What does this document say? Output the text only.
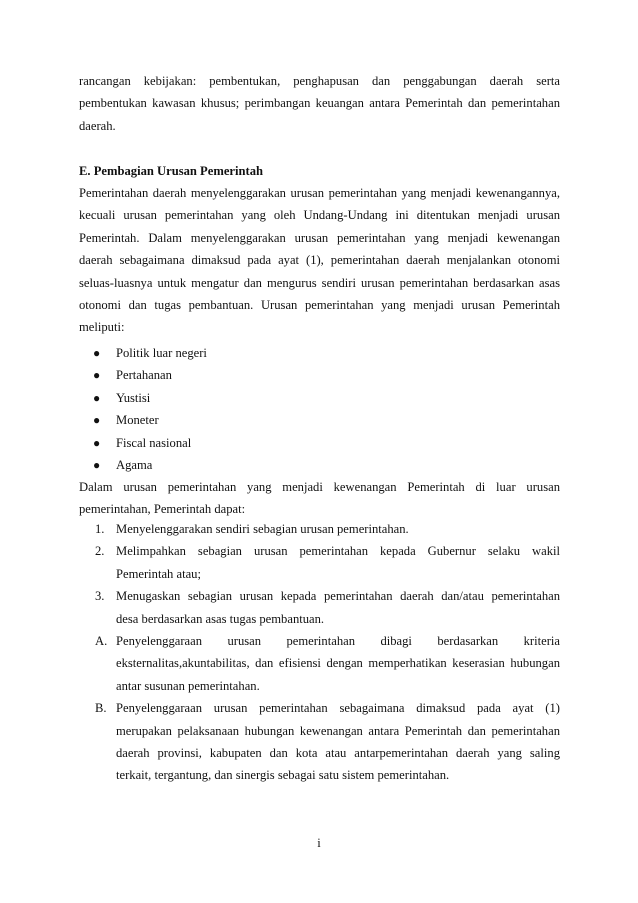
rancangan kebijakan: pembentukan, penghapusan dan penggabungan daerah serta
pembentukan kawasan khusus; perimbangan keuangan antara Pemerintah dan pemerintahan
daerah.
E. Pembagian Urusan Pemerintah
Pemerintahan daerah menyelenggarakan urusan pemerintahan yang menjadi kewenangannya,
kecuali urusan pemerintahan yang oleh Undang-Undang ini ditentukan menjadi urusan
Pemerintah. Dalam menyelenggarakan urusan pemerintahan yang menjadi kewenangan
daerah sebagaimana dimaksud pada ayat (1), pemerintahan daerah menjalankan otonomi
seluas-luasnya untuk mengatur dan mengurus sendiri urusan pemerintahan berdasarkan asas
otonomi dan tugas pembantuan. Urusan pemerintahan yang menjadi urusan Pemerintah
meliputi:
● Politik luar negeri
● Pertahanan
● Yustisi
● Moneter
● Fiscal nasional
● Agama
Dalam urusan pemerintahan yang menjadi kewenangan Pemerintah di luar urusan
pemerintahan, Pemerintah dapat:
1. Menyelenggarakan sendiri sebagian urusan pemerintahan.
2. Melimpahkan sebagian urusan pemerintahan kepada Gubernur selaku wakil
Pemerintah atau;
3. Menugaskan sebagian urusan kepada pemerintahan daerah dan/atau pemerintahan
desa berdasarkan asas tugas pembantuan.
A. Penyelenggaraan urusan pemerintahan dibagi berdasarkan kriteria
eksternalitas,akuntabilitas, dan efisiensi dengan memperhatikan keserasian hubungan
antar susunan pemerintahan.
B. Penyelenggaraan urusan pemerintahan sebagaimana dimaksud pada ayat (1)
merupakan pelaksanaan hubungan kewenangan antara Pemerintah dan pemerintahan
daerah provinsi, kabupaten dan kota atau antarpemerintahan daerah yang saling
terkait, tergantung, dan sinergis sebagai satu sistem pemerintahan.
i
